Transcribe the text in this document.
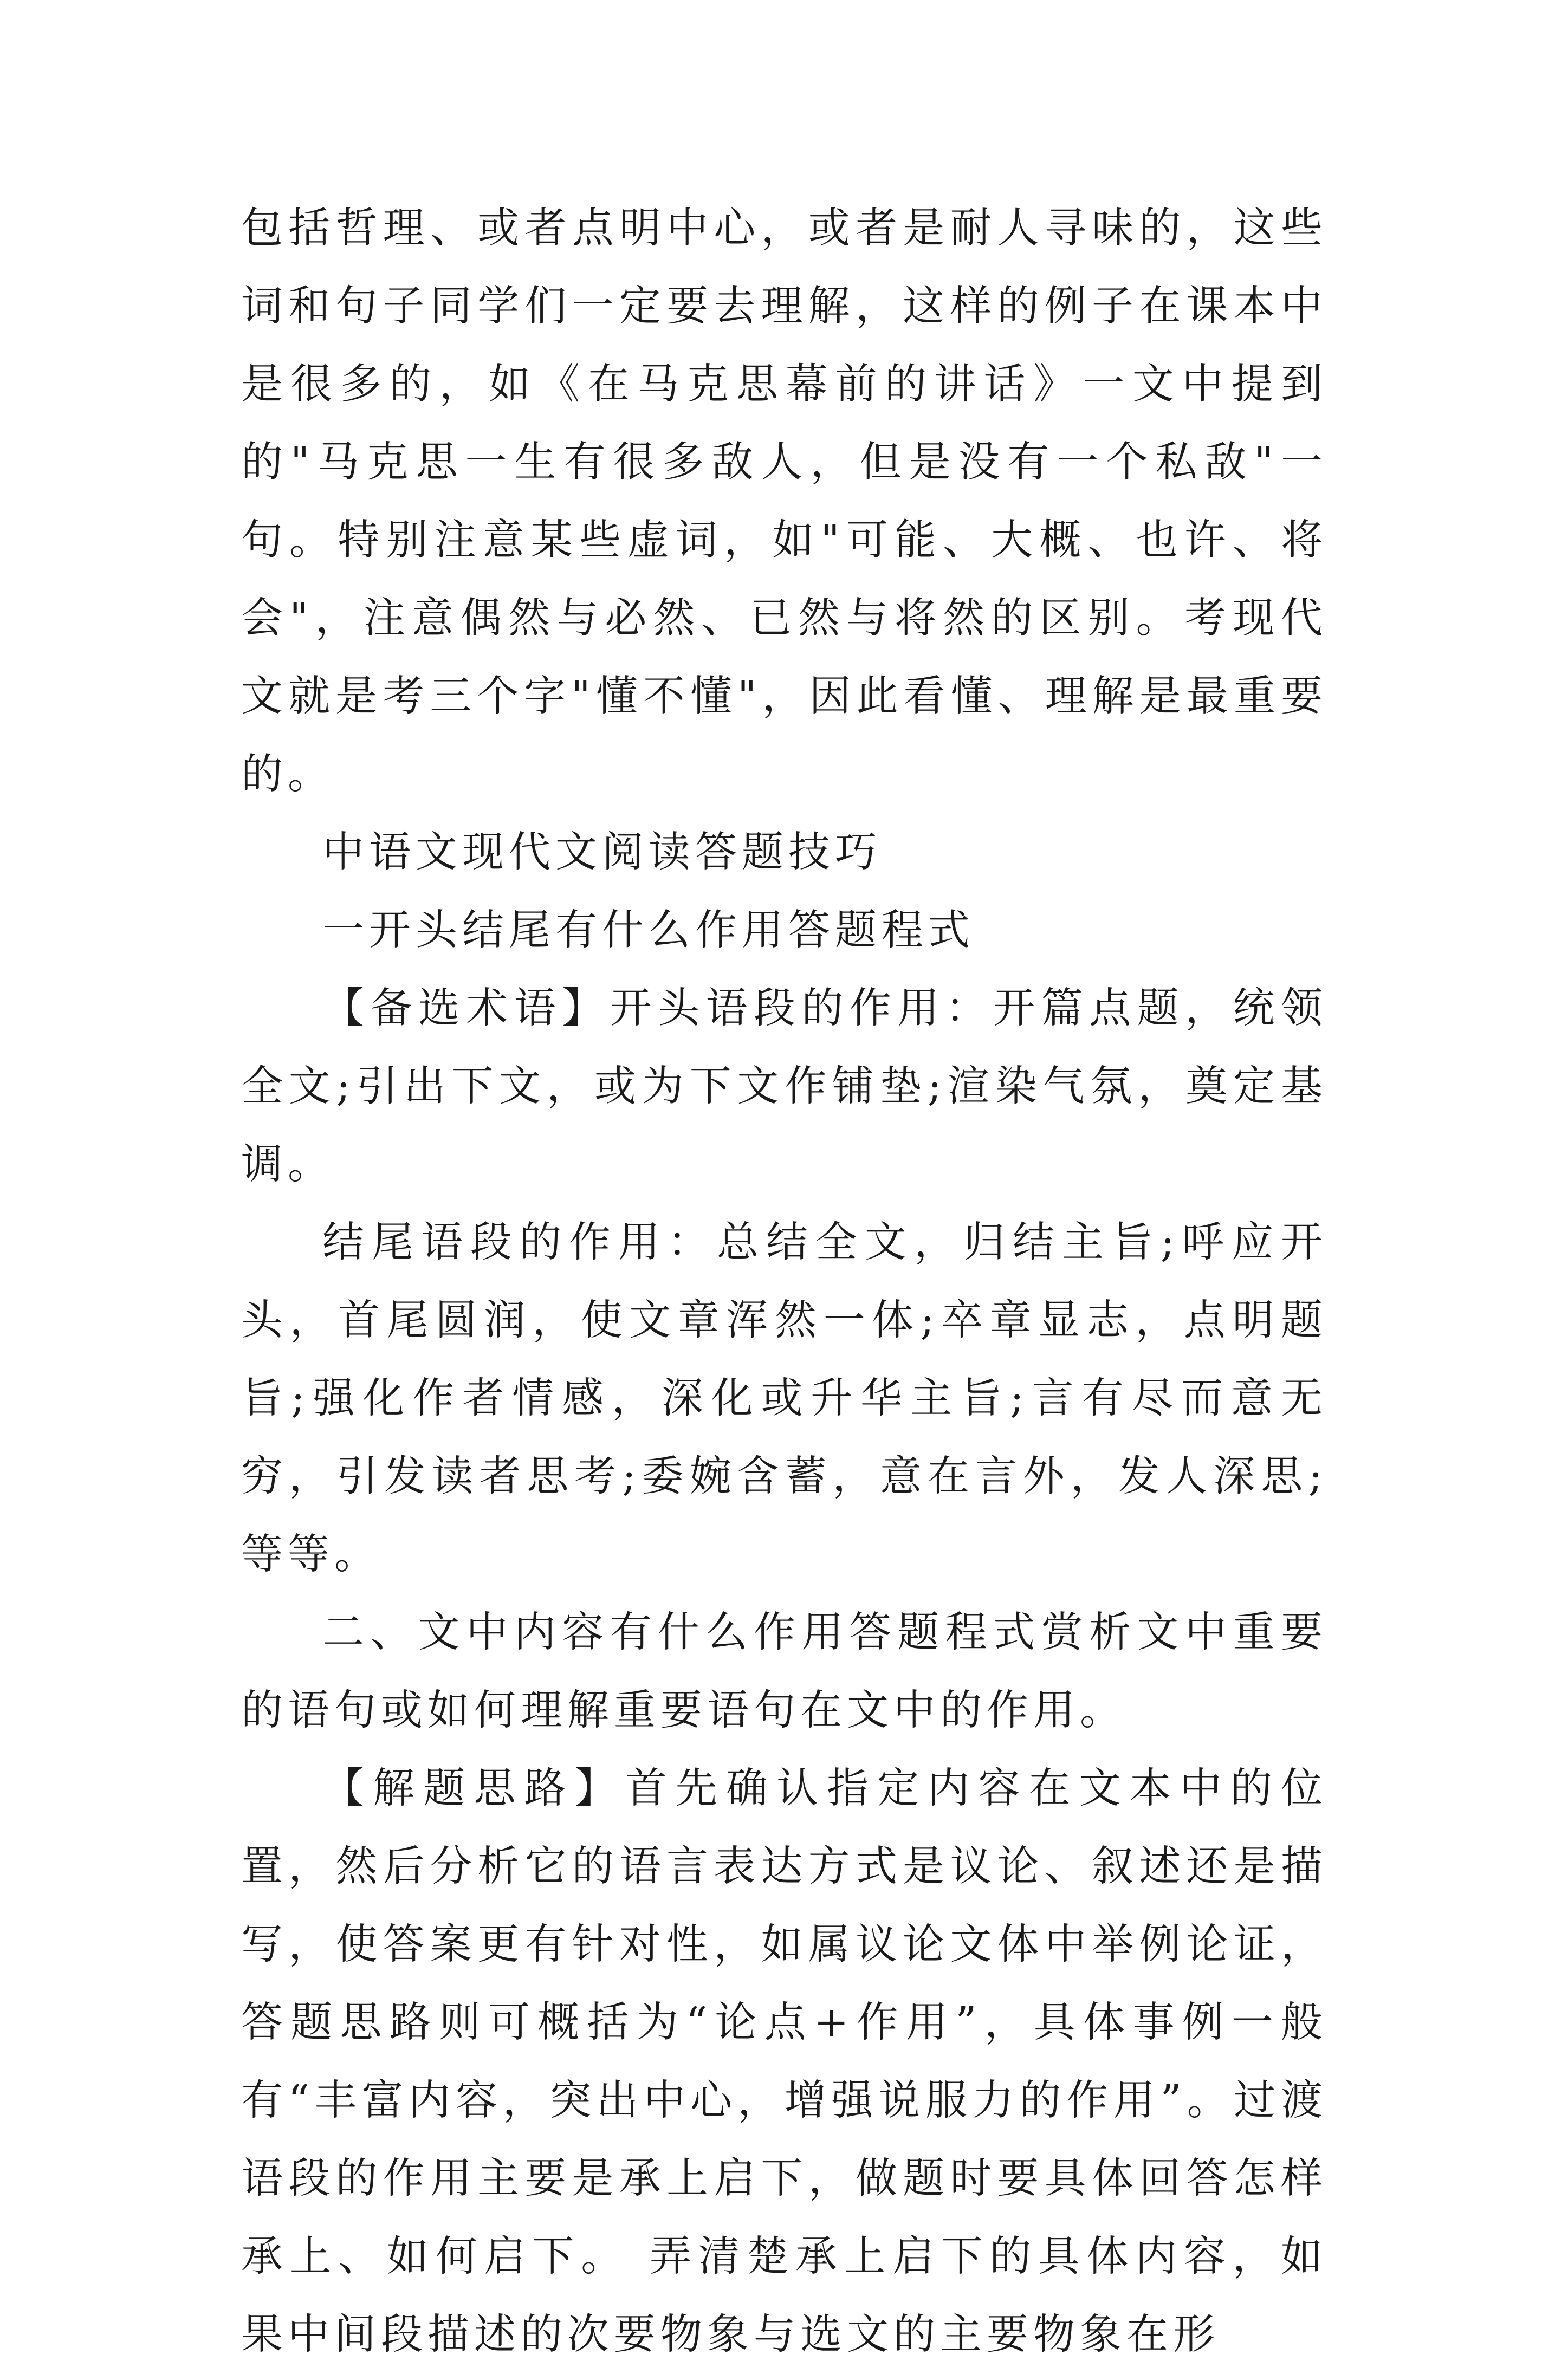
包括哲理、或者点明中心，或者是耐人寻味的，这些词和句子同学们一定要去理解，这样的例子在课本中是很多的，如《在马克思幕前的讲话》一文中提到的"马克思一生有很多敌人，但是没有一个私敌"一句。特别注意某些虚词，如"可能、大概、也许、将会"，注意偶然与必然、已然与将然的区别。考现代文就是考三个字"懂不懂"，因此看懂、理解是最重要的。

中语文现代文阅读答题技巧

一开头结尾有什么作用答题程式

【备选术语】开头语段的作用：开篇点题，统领全文;引出下文，或为下文作铺垫;渲染气氛，奠定基调。

结尾语段的作用：总结全文，归结主旨;呼应开头，首尾圆润，使文章浑然一体;卒章显志，点明题旨;强化作者情感，深化或升华主旨;言有尽而意无穷，引发读者思考;委婉含蓄，意在言外，发人深思;等等。

二、文中内容有什么作用答题程式赏析文中重要的语句或如何理解重要语句在文中的作用。

【解题思路】首先确认指定内容在文本中的位置，然后分析它的语言表达方式是议论、叙述还是描写，使答案更有针对性，如属议论文体中举例论证，答题思路则可概括为“论点+作用”，具体事例一般有“丰富内容，突出中心，增强说服力的作用”。过渡语段的作用主要是承上启下，做题时要具体回答怎样承上、如何启下。 弄清楚承上启下的具体内容，如果中间段描述的次要物象与选文的主要物象在形
